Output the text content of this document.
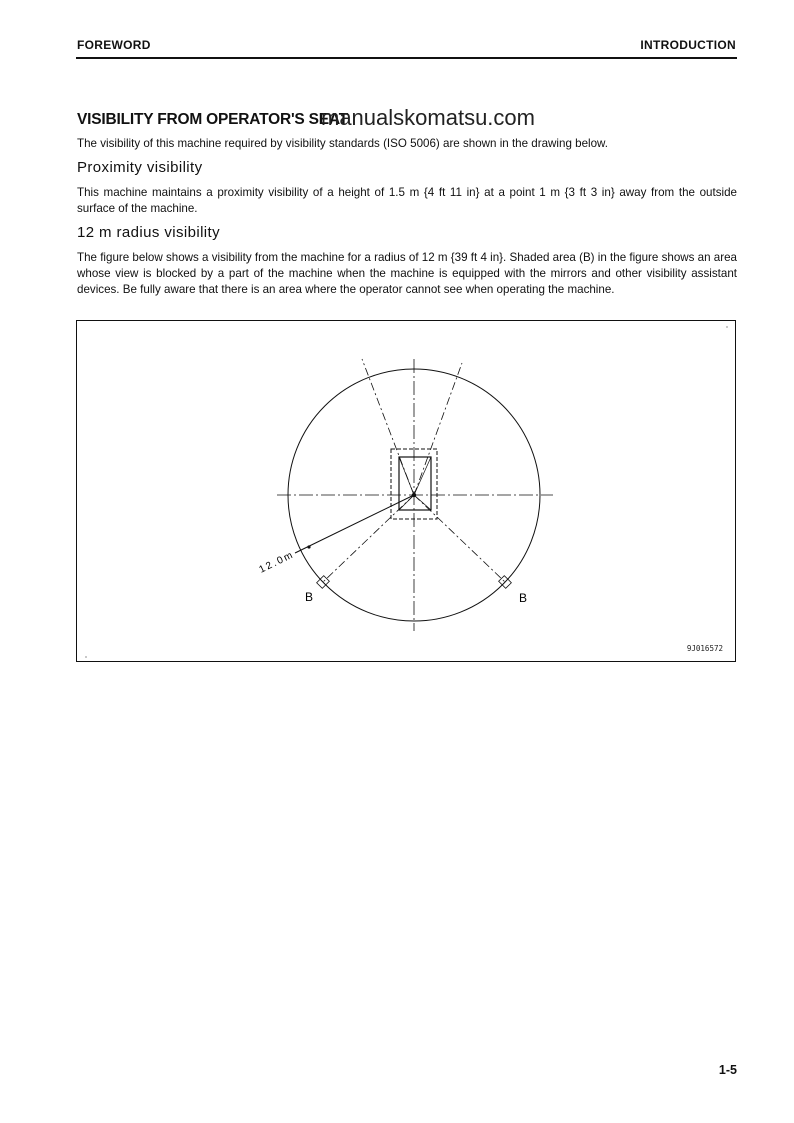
FOREWORD	INTRODUCTION
VISIBILITY FROM OPERATOR'S SEAT
manualskomatsu.com
The visibility of this machine required by visibility standards (ISO 5006) are shown in the drawing below.
Proximity visibility
This machine maintains a proximity visibility of a height of 1.5 m {4 ft 11 in} at a point 1 m {3 ft 3 in} away from the outside surface of the machine.
12 m radius visibility
The figure below shows a visibility from the machine for a radius of 12 m {39 ft 4 in}. Shaded area (B) in the figure shows an area whose view is blocked by a part of the machine when the machine is equipped with the mirrors and other visibility assistant devices. Be fully aware that there is an area where the operator cannot see when operating the machine.
12.0m
B	B
9J016572
1-5
